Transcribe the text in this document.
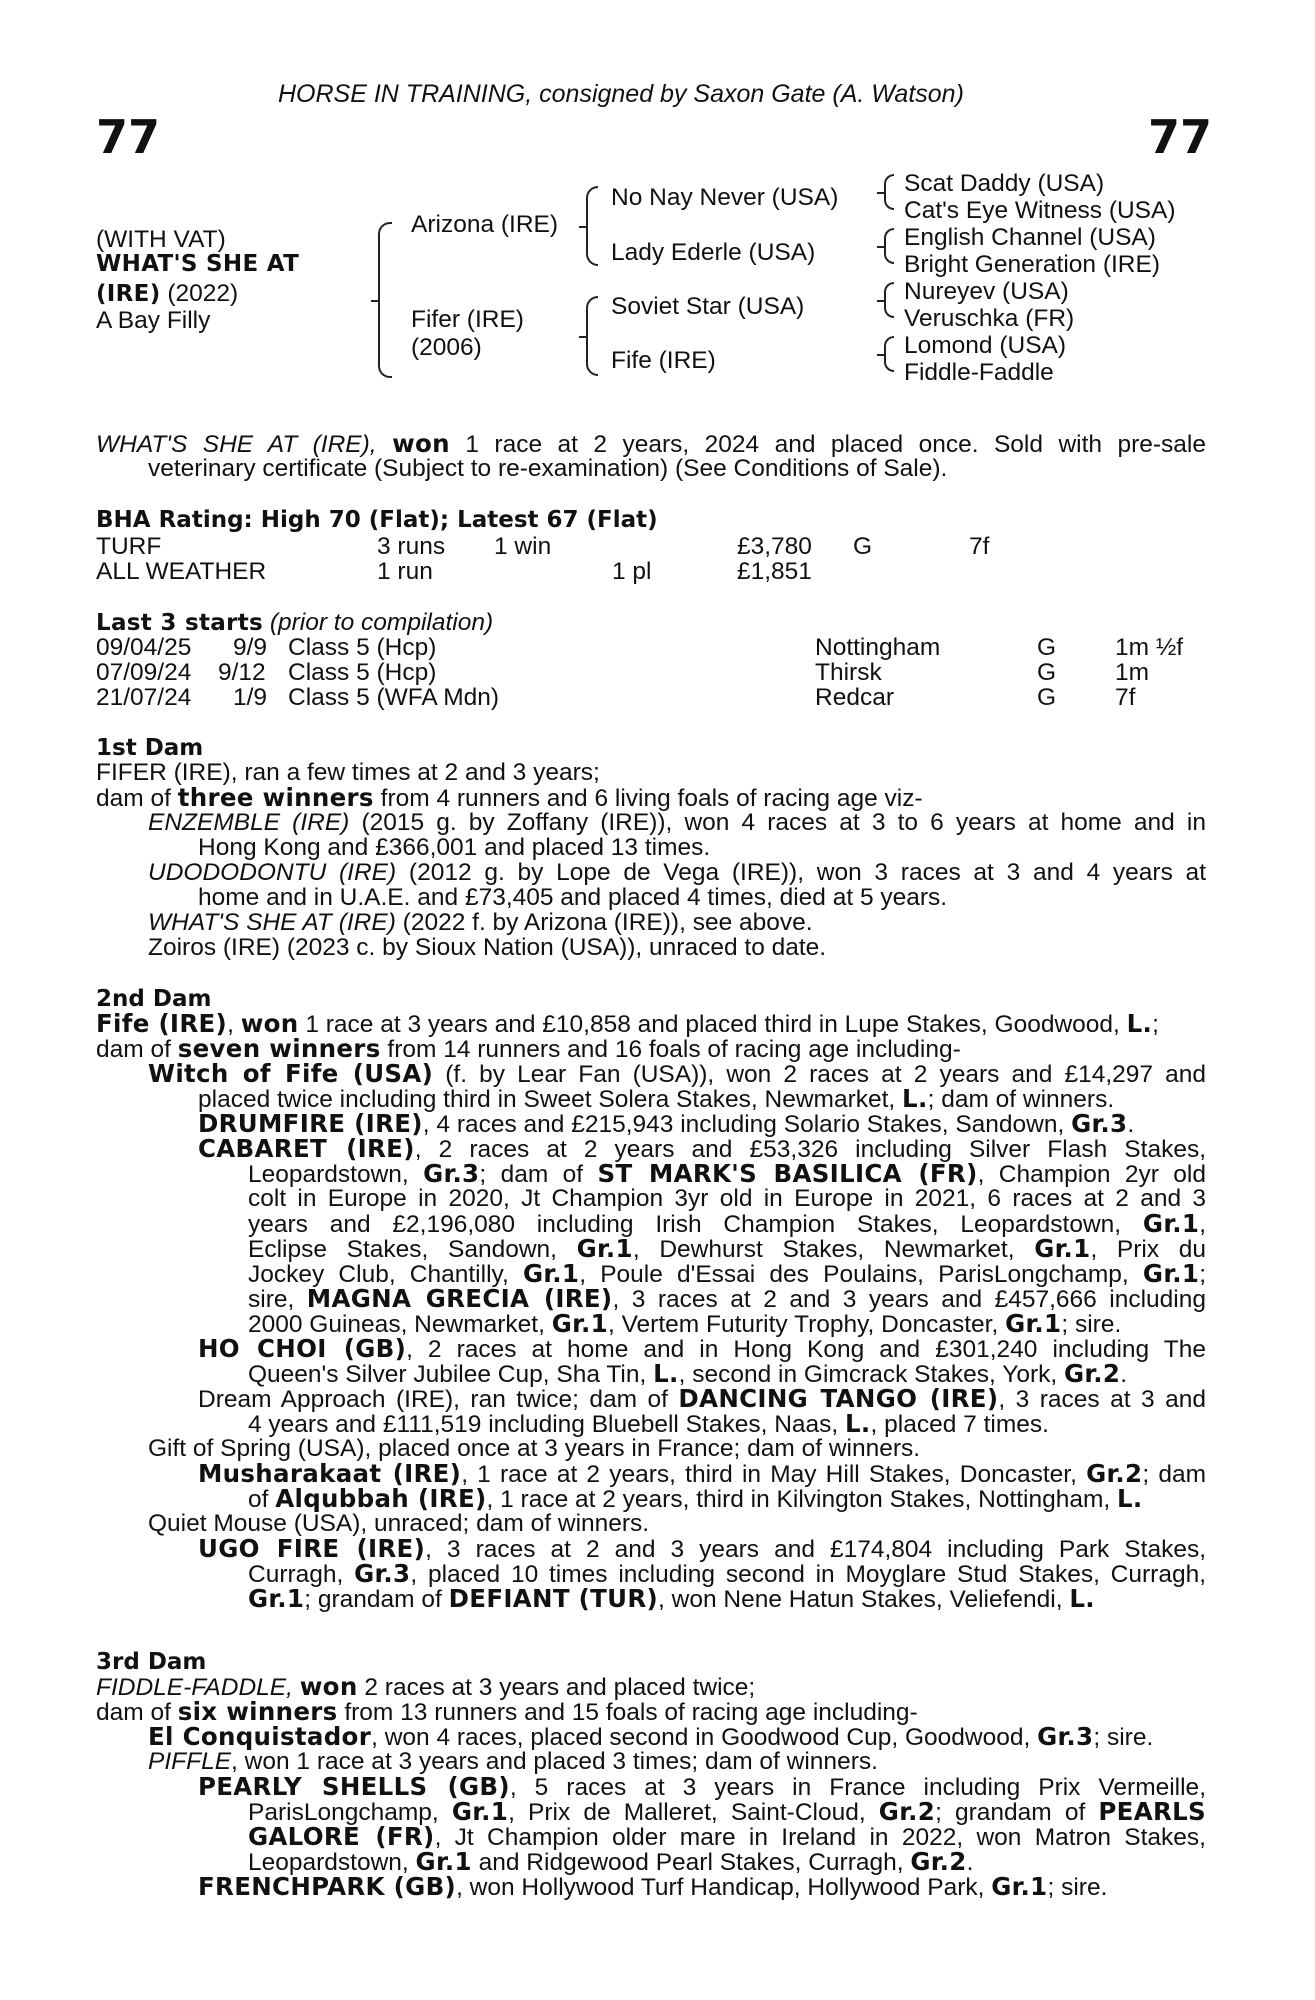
HORSE IN TRAINING, consigned by Saxon Gate (A. Watson)
77	77
(WITH VAT)
WHAT'S SHE AT
(IRE) (2022)
A Bay Filly
Arizona (IRE)
Fifer (IRE)
(2006)
No Nay Never (USA)
Lady Ederle (USA)
Soviet Star (USA)
Fife (IRE)
Scat Daddy (USA)
Cat's Eye Witness (USA)
English Channel (USA)
Bright Generation (IRE)
Nureyev (USA)
Veruschka (FR)
Lomond (USA)
Fiddle-Faddle
WHAT'S SHE AT (IRE), won 1 race at 2 years, 2024 and placed once. Sold with pre-sale
veterinary certificate (Subject to re-examination) (See Conditions of Sale).
BHA Rating: High 70 (Flat); Latest 67 (Flat)
TURF	3 runs 1 win	£3,780 G	7f
ALL WEATHER	1 run	1 pl	£1,851
Last 3 starts (prior to compilation)
09/04/25 9/9 Class 5 (Hcp)	Nottingham	G 1m ½f
07/09/24 9/12 Class 5 (Hcp)	Thirsk	G 1m
21/07/24 1/9 Class 5 (WFA Mdn)	Redcar	G 7f
1st Dam
FIFER (IRE), ran a few times at 2 and 3 years;
dam of three winners from 4 runners and 6 living foals of racing age viz-
ENZEMBLE (IRE) (2015 g. by Zoffany (IRE)), won 4 races at 3 to 6 years at home and in
Hong Kong and £366,001 and placed 13 times.
UDODODONTU (IRE) (2012 g. by Lope de Vega (IRE)), won 3 races at 3 and 4 years at
home and in U.A.E. and £73,405 and placed 4 times, died at 5 years.
WHAT'S SHE AT (IRE) (2022 f. by Arizona (IRE)), see above.
Zoiros (IRE) (2023 c. by Sioux Nation (USA)), unraced to date.
2nd Dam
Fife (IRE), won 1 race at 3 years and £10,858 and placed third in Lupe Stakes, Goodwood, L.;
dam of seven winners from 14 runners and 16 foals of racing age including-
Witch of Fife (USA) (f. by Lear Fan (USA)), won 2 races at 2 years and £14,297 and
placed twice including third in Sweet Solera Stakes, Newmarket, L.; dam of winners.
DRUMFIRE (IRE), 4 races and £215,943 including Solario Stakes, Sandown, Gr.3.
CABARET (IRE), 2 races at 2 years and £53,326 including Silver Flash Stakes,
Leopardstown, Gr.3; dam of ST MARK'S BASILICA (FR), Champion 2yr old
colt in Europe in 2020, Jt Champion 3yr old in Europe in 2021, 6 races at 2 and 3
years and £2,196,080 including Irish Champion Stakes, Leopardstown, Gr.1,
Eclipse Stakes, Sandown, Gr.1, Dewhurst Stakes, Newmarket, Gr.1, Prix du
Jockey Club, Chantilly, Gr.1, Poule d'Essai des Poulains, ParisLongchamp, Gr.1;
sire, MAGNA GRECIA (IRE), 3 races at 2 and 3 years and £457,666 including
2000 Guineas, Newmarket, Gr.1, Vertem Futurity Trophy, Doncaster, Gr.1; sire.
HO CHOI (GB), 2 races at home and in Hong Kong and £301,240 including The
Queen's Silver Jubilee Cup, Sha Tin, L., second in Gimcrack Stakes, York, Gr.2.
Dream Approach (IRE), ran twice; dam of DANCING TANGO (IRE), 3 races at 3 and
4 years and £111,519 including Bluebell Stakes, Naas, L., placed 7 times.
Gift of Spring (USA), placed once at 3 years in France; dam of winners.
Musharakaat (IRE), 1 race at 2 years, third in May Hill Stakes, Doncaster, Gr.2; dam
of Alqubbah (IRE), 1 race at 2 years, third in Kilvington Stakes, Nottingham, L.
Quiet Mouse (USA), unraced; dam of winners.
UGO FIRE (IRE), 3 races at 2 and 3 years and £174,804 including Park Stakes,
Curragh, Gr.3, placed 10 times including second in Moyglare Stud Stakes, Curragh,
Gr.1; grandam of DEFIANT (TUR), won Nene Hatun Stakes, Veliefendi, L.
3rd Dam
FIDDLE-FADDLE, won 2 races at 3 years and placed twice;
dam of six winners from 13 runners and 15 foals of racing age including-
El Conquistador, won 4 races, placed second in Goodwood Cup, Goodwood, Gr.3; sire.
PIFFLE, won 1 race at 3 years and placed 3 times; dam of winners.
PEARLY SHELLS (GB), 5 races at 3 years in France including Prix Vermeille,
ParisLongchamp, Gr.1, Prix de Malleret, Saint-Cloud, Gr.2; grandam of PEARLS
GALORE (FR), Jt Champion older mare in Ireland in 2022, won Matron Stakes,
Leopardstown, Gr.1 and Ridgewood Pearl Stakes, Curragh, Gr.2.
FRENCHPARK (GB), won Hollywood Turf Handicap, Hollywood Park, Gr.1; sire.
